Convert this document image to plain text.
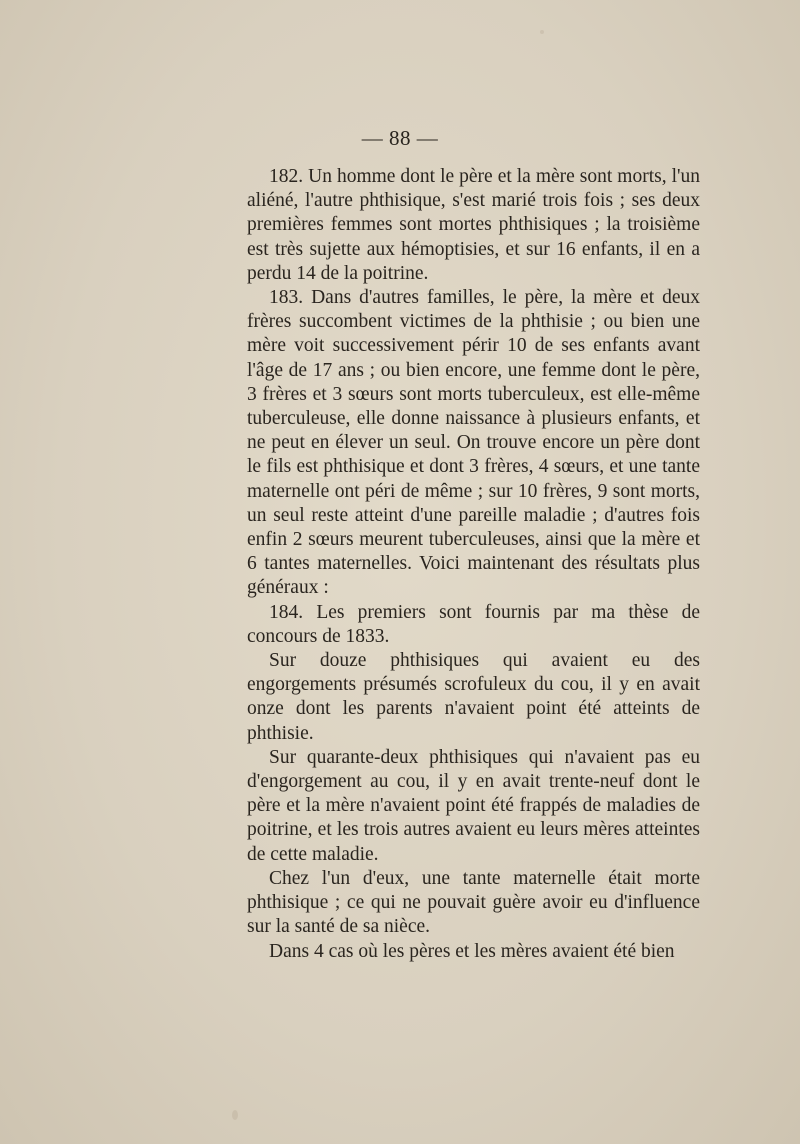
— 88 —

182. Un homme dont le père et la mère sont morts, l'un aliéné, l'autre phthisique, s'est marié trois fois ; ses deux premières femmes sont mortes phthisiques ; la troisième est très sujette aux hémoptisies, et sur 16 enfants, il en a perdu 14 de la poitrine.

183. Dans d'autres familles, le père, la mère et deux frères succombent victimes de la phthisie ; ou bien une mère voit successivement périr 10 de ses enfants avant l'âge de 17 ans ; ou bien encore, une femme dont le père, 3 frères et 3 sœurs sont morts tuberculeux, est elle-même tuberculeuse, elle donne naissance à plusieurs enfants, et ne peut en élever un seul. On trouve encore un père dont le fils est phthisique et dont 3 frères, 4 sœurs, et une tante maternelle ont péri de même ; sur 10 frères, 9 sont morts, un seul reste atteint d'une pareille maladie ; d'autres fois enfin 2 sœurs meurent tuberculeuses, ainsi que la mère et 6 tantes maternelles. Voici maintenant des résultats plus généraux :

184. Les premiers sont fournis par ma thèse de concours de 1833.

Sur douze phthisiques qui avaient eu des engorgements présumés scrofuleux du cou, il y en avait onze dont les parents n'avaient point été atteints de phthisie.

Sur quarante-deux phthisiques qui n'avaient pas eu d'engorgement au cou, il y en avait trente-neuf dont le père et la mère n'avaient point été frappés de maladies de poitrine, et les trois autres avaient eu leurs mères atteintes de cette maladie.

Chez l'un d'eux, une tante maternelle était morte phthisique ; ce qui ne pouvait guère avoir eu d'influence sur la santé de sa nièce.

Dans 4 cas où les pères et les mères avaient été bien
